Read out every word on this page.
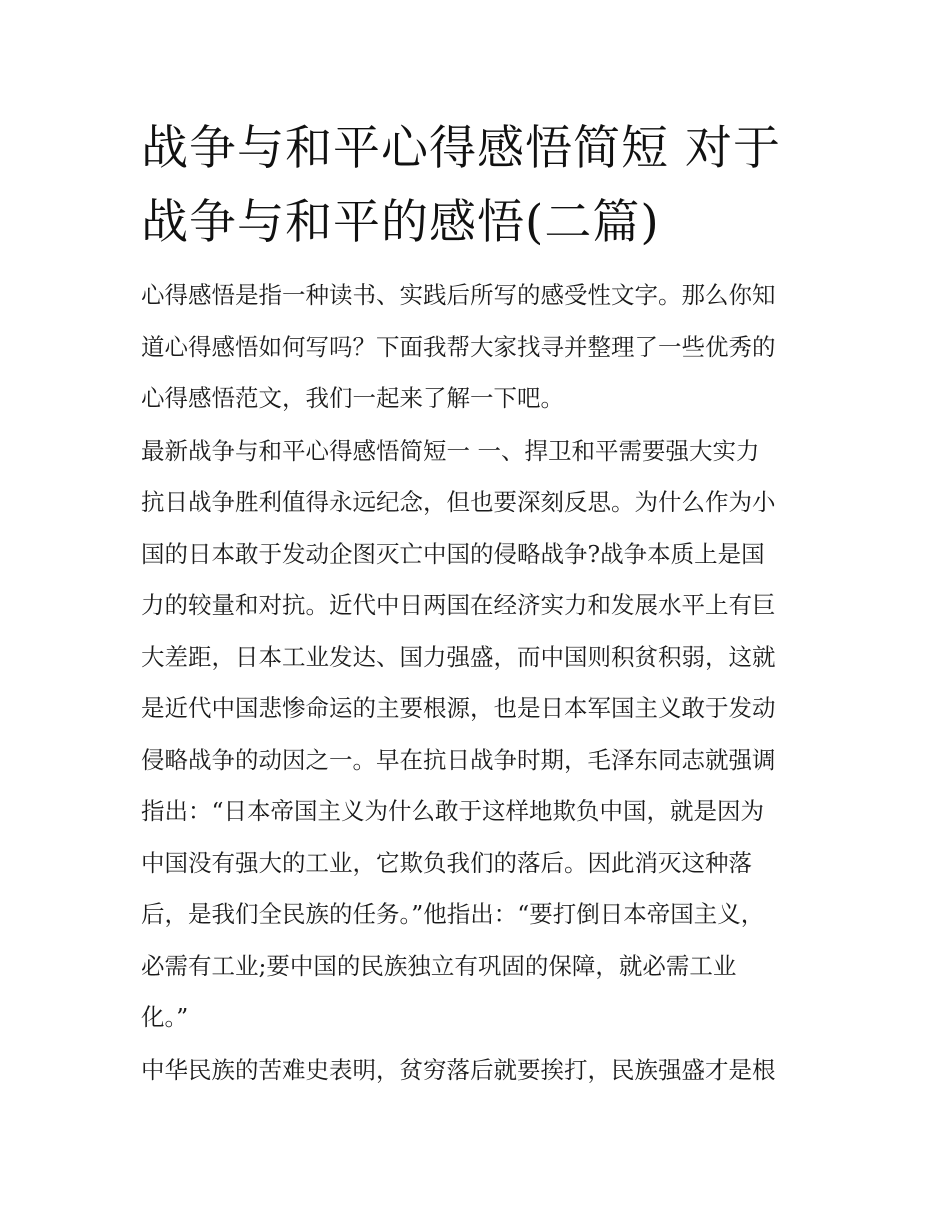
战争与和平心得感悟简短 对于
战争与和平的感悟(二篇)

心得感悟是指一种读书、实践后所写的感受性文字。那么你知
道心得感悟如何写吗？下面我帮大家找寻并整理了一些优秀的
心得感悟范文，我们一起来了解一下吧。

最新战争与和平心得感悟简短一 一、捍卫和平需要强大实力
抗日战争胜利值得永远纪念，但也要深刻反思。为什么作为小
国的日本敢于发动企图灭亡中国的侵略战争?战争本质上是国
力的较量和对抗。近代中日两国在经济实力和发展水平上有巨
大差距，日本工业发达、国力强盛，而中国则积贫积弱，这就
是近代中国悲惨命运的主要根源，也是日本军国主义敢于发动
侵略战争的动因之一。早在抗日战争时期，毛泽东同志就强调
指出：“日本帝国主义为什么敢于这样地欺负中国，就是因为
中国没有强大的工业，它欺负我们的落后。因此消灭这种落
后，是我们全民族的任务。”他指出：“要打倒日本帝国主义，
必需有工业;要中国的民族独立有巩固的保障，就必需工业
化。”

中华民族的苦难史表明，贫穷落后就要挨打，民族强盛才是根
